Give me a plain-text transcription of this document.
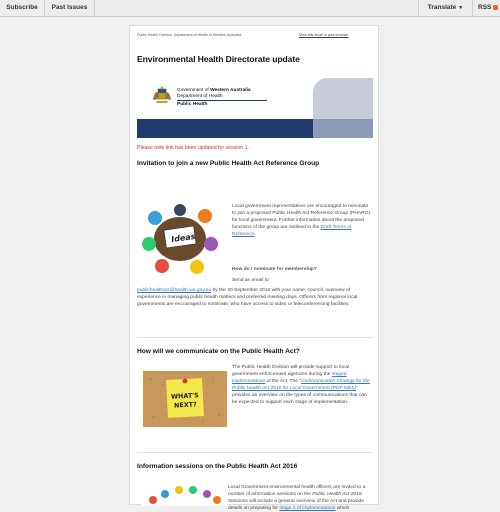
Subscribe	Past Issues	Translate ▼	RSS
Public Health Division, Department of Health of Western Australia.	View this email in your browser
Environmental Health Directorate update
Government of Western Australia
Department of Health
Public Health
Please note link has been updated for session 1.
Invitation to join a new Public Health Act Reference Group
Ideas
Local government representatives are encouraged to nominate to join a proposed Public Health Act Reference Group (PHARG) for local government. Further information about the proposed functions of the group are outlined in the Draft Terms of Reference.
How do I nominate for membership?
Send an email to
publichealthact@health.wa.gov.au by the 30 September 2016 with your name, council, overview of experience in managing public health matters and preferred meeting days. Officers from regional local governments are encouraged to nominate, who have access to video or teleconferencing facilities.
How will we communicate on the Public Health Act?
WHAT'SNEXT?
The Public Health Division will provide support to local government enforcement agencies during the staged implementation of the Act. The "Communication Strategy for the Public Health Act 2016 for Local Government (PDF 56kb)" provides an overview on the types of communications that can be expected to support each stage of implementation.
Information sessions on the Public Health Act 2016
Local Government environmental health officers are invited to a number of information sessions on the Public Health Act 2016. Sessions will include a general overview of the Act and provide details on preparing for stage 2 of implementation which
